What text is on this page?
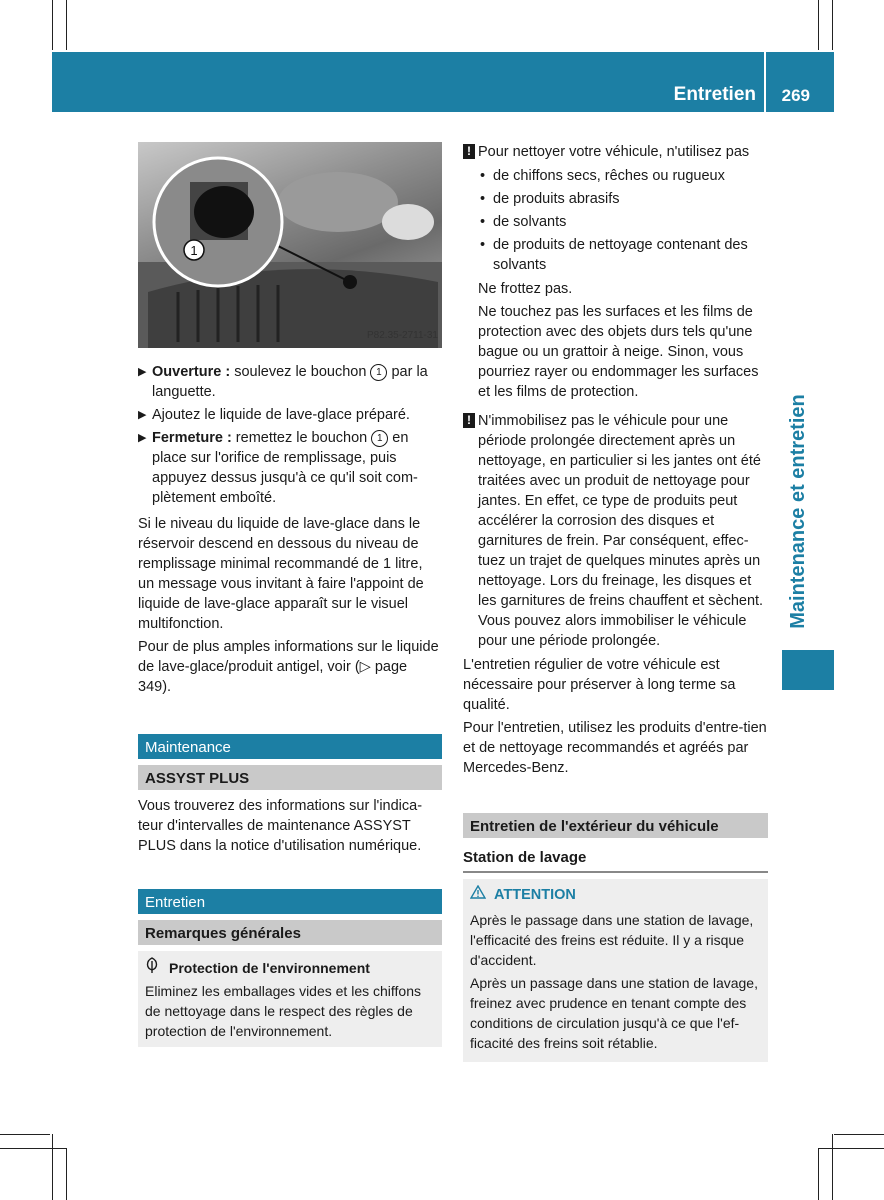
Entretien 269
Maintenance et entretien
1
P82.35-2711-31
▶ Ouverture : soulevez le bouchon 1 par la languette.
▶ Ajoutez le liquide de lave-glace préparé.
▶ Fermeture : remettez le bouchon 1 en place sur l'orifice de remplissage, puis appuyez dessus jusqu'à ce qu'il soit com-plètement emboîté.

Si le niveau du liquide de lave-glace dans le réservoir descend en dessous du niveau de remplissage minimal recommandé de 1 litre, un message vous invitant à faire l'appoint de liquide de lave-glace apparaît sur le visuel multifonction.

Pour de plus amples informations sur le liquide de lave-glace/produit antigel, voir (▷ page 349).

Maintenance
ASSYST PLUS

Vous trouverez des informations sur l'indica-teur d'intervalles de maintenance ASSYST PLUS dans la notice d'utilisation numérique.

Entretien
Remarques générales
Protection de l'environnement
Eliminez les emballages vides et les chiffons de nettoyage dans le respect des règles de protection de l'environnement.
! Pour nettoyer votre véhicule, n'utilisez pas
• de chiffons secs, rêches ou rugueux
• de produits abrasifs
• de solvants
• de produits de nettoyage contenant des solvants

Ne frottez pas.

Ne touchez pas les surfaces et les films de protection avec des objets durs tels qu'une bague ou un grattoir à neige. Sinon, vous pourriez rayer ou endommager les surfaces et les films de protection.

! N'immobilisez pas le véhicule pour une période prolongée directement après un nettoyage, en particulier si les jantes ont été traitées avec un produit de nettoyage pour jantes. En effet, ce type de produits peut accélérer la corrosion des disques et garnitures de frein. Par conséquent, effec-tuez un trajet de quelques minutes après un nettoyage. Lors du freinage, les disques et les garnitures de freins chauffent et sèchent. Vous pouvez alors immobiliser le véhicule pour une période prolongée.

L'entretien régulier de votre véhicule est nécessaire pour préserver à long terme sa qualité.

Pour l'entretien, utilisez les produits d'entre-tien et de nettoyage recommandés et agréés par Mercedes-Benz.

Entretien de l'extérieur du véhicule
Station de lavage
ATTENTION

Après le passage dans une station de lavage, l'efficacité des freins est réduite. Il y a risque d'accident.

Après un passage dans une station de lavage, freinez avec prudence en tenant compte des conditions de circulation jusqu'à ce que l'ef-ficacité des freins soit rétablie.
